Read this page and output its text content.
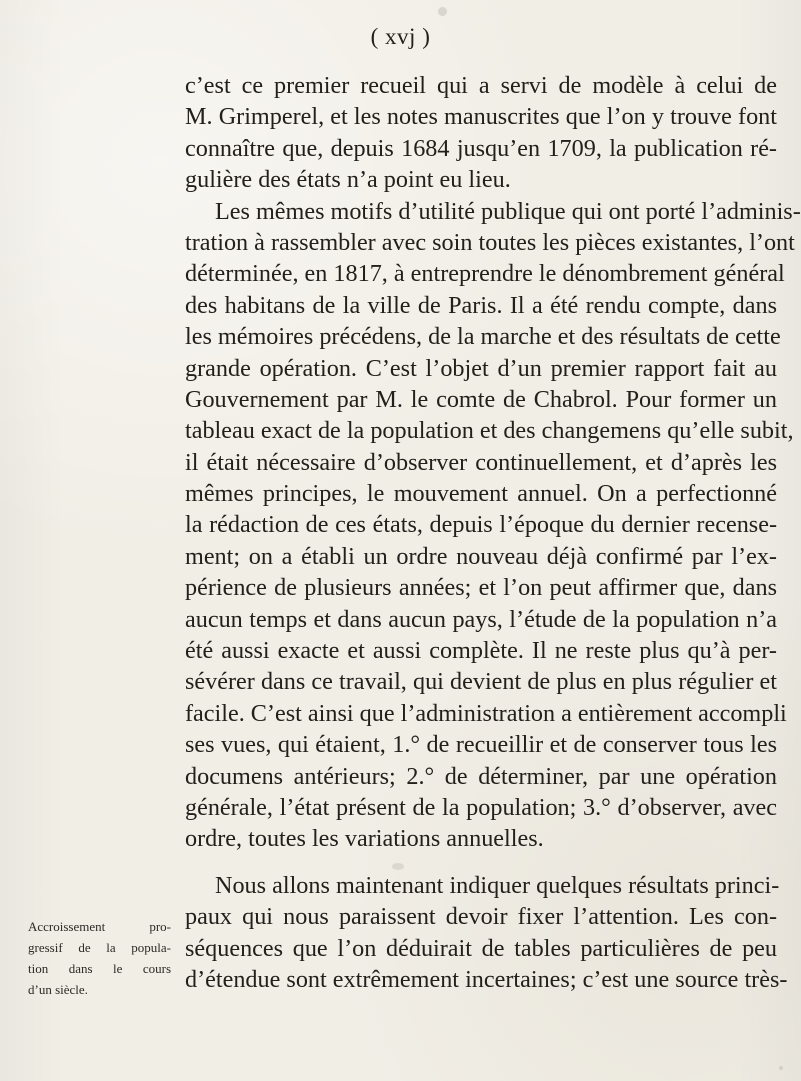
( xvj )
c’est ce premier recueil qui a servi de modèle à celui de
M. Grimperel, et les notes manuscrites que l’on y trouve font
connaître que, depuis 1684 jusqu’en 1709, la publication ré-
gulière des états n’a point eu lieu.
Les mêmes motifs d’utilité publique qui ont porté l’adminis-
tration à rassembler avec soin toutes les pièces existantes, l’ont
déterminée, en 1817, à entreprendre le dénombrement général
des habitans de la ville de Paris. Il a été rendu compte, dans
les mémoires précédens, de la marche et des résultats de cette
grande opération. C’est l’objet d’un premier rapport fait au
Gouvernement par M. le comte de Chabrol. Pour former un
tableau exact de la population et des changemens qu’elle subit,
il était nécessaire d’observer continuellement, et d’après les
mêmes principes, le mouvement annuel. On a perfectionné
la rédaction de ces états, depuis l’époque du dernier recense-
ment; on a établi un ordre nouveau déjà confirmé par l’ex-
périence de plusieurs années; et l’on peut affirmer que, dans
aucun temps et dans aucun pays, l’étude de la population n’a
été aussi exacte et aussi complète. Il ne reste plus qu’à per-
sévérer dans ce travail, qui devient de plus en plus régulier et
facile. C’est ainsi que l’administration a entièrement accompli
ses vues, qui étaient, 1.° de recueillir et de conserver tous les
documens antérieurs; 2.° de déterminer, par une opération
générale, l’état présent de la population; 3.° d’observer, avec
ordre, toutes les variations annuelles.
Nous allons maintenant indiquer quelques résultats princi-
paux qui nous paraissent devoir fixer l’attention. Les con-
séquences que l’on déduirait de tables particulières de peu
d’étendue sont extrêmement incertaines; c’est une source très-
Accroissement pro-
gressif de la popula-
tion dans le cours
d’un siècle.
